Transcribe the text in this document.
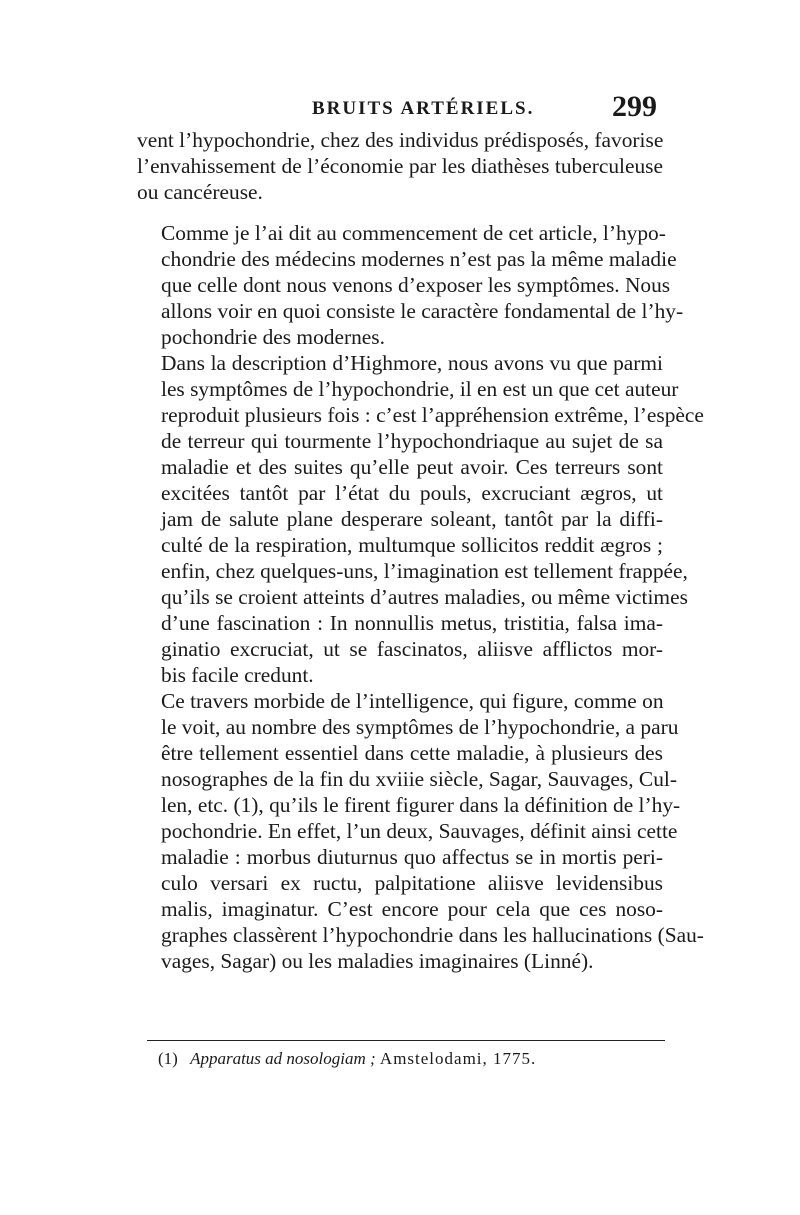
BRUITS ARTÉRIELS.	299

vent l’hypochondrie, chez des individus prédisposés, favorise
l’envahissement de l’économie par les diathèses tuberculeuse
ou cancéreuse.

Comme je l’ai dit au commencement de cet article, l’hypo-
chondrie des médecins modernes n’est pas la même maladie
que celle dont nous venons d’exposer les symptômes. Nous
allons voir en quoi consiste le caractère fondamental de l’hy-
pochondrie des modernes.

Dans la description d’Highmore, nous avons vu que parmi
les symptômes de l’hypochondrie, il en est un que cet auteur
reproduit plusieurs fois : c’est l’appréhension extrême, l’espèce
de terreur qui tourmente l’hypochondriaque au sujet de sa
maladie et des suites qu’elle peut avoir. Ces terreurs sont
excitées tantôt par l’état du pouls, excruciant ægros, ut
jam de salute plane desperare soleant, tantôt par la diffi-
culté de la respiration, multumque sollicitos reddit ægros ;
enfin, chez quelques-uns, l’imagination est tellement frappée,
qu’ils se croient atteints d’autres maladies, ou même victimes
d’une fascination : In nonnullis metus, tristitia, falsa ima-
ginatio excruciat, ut se fascinatos, aliisve afflictos mor-
bis facile credunt.

Ce travers morbide de l’intelligence, qui figure, comme on
le voit, au nombre des symptômes de l’hypochondrie, a paru
être tellement essentiel dans cette maladie, à plusieurs des
nosographes de la fin du xviiie siècle, Sagar, Sauvages, Cul-
len, etc. (1), qu’ils le firent figurer dans la définition de l’hy-
pochondrie. En effet, l’un deux, Sauvages, définit ainsi cette
maladie : morbus diuturnus quo affectus se in mortis peri-
culo versari ex ructu, palpitatione aliisve levidensibus
malis, imaginatur. C’est encore pour cela que ces noso-
graphes classèrent l’hypochondrie dans les hallucinations (Sau-
vages, Sagar) ou les maladies imaginaires (Linné).

(1) Apparatus ad nosologiam ; Amstelodami, 1775.
